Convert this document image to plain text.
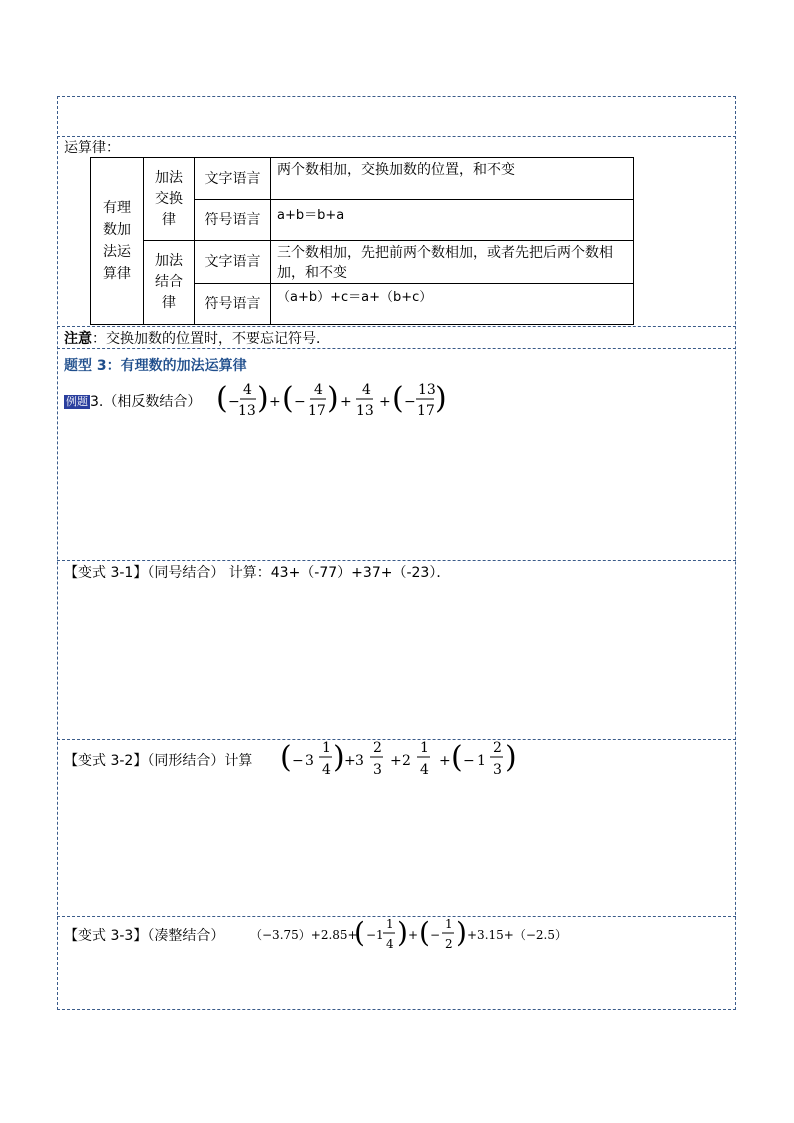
运算律：
有理数加法运算律	加法交换律	文字语言	两个数相加，交换加数的位置，和不变

		符号语言	a+b＝b+a

	加法结合律	文字语言	三个数相加，先把前两个数相加，或者先把后两个数相加，和不变

		符号语言	（a+b）+c＝a+（b+c）
注意：交换加数的位置时，不要忘记符号．
题型 3：有理数的加法运算律
例题 3.（相反数结合） ( −
4
13 ) + ( −
4
17 ) +
4
13
+ ( −
13
17 )
【变式 3-1】（同号结合） 计算：43+（-77）+37+（-23）．
【变式 3-2】（同形结合）计算 ( − 3
1
4 ) + 3
2
3
+ 2
1
4
+ ( − 1
2
3 )
【变式 3-3】（凑整结合） （−3.75）+2.85+
( −1
1
4 ) + ( −
1
2 ) +3.15+（−2.5）
